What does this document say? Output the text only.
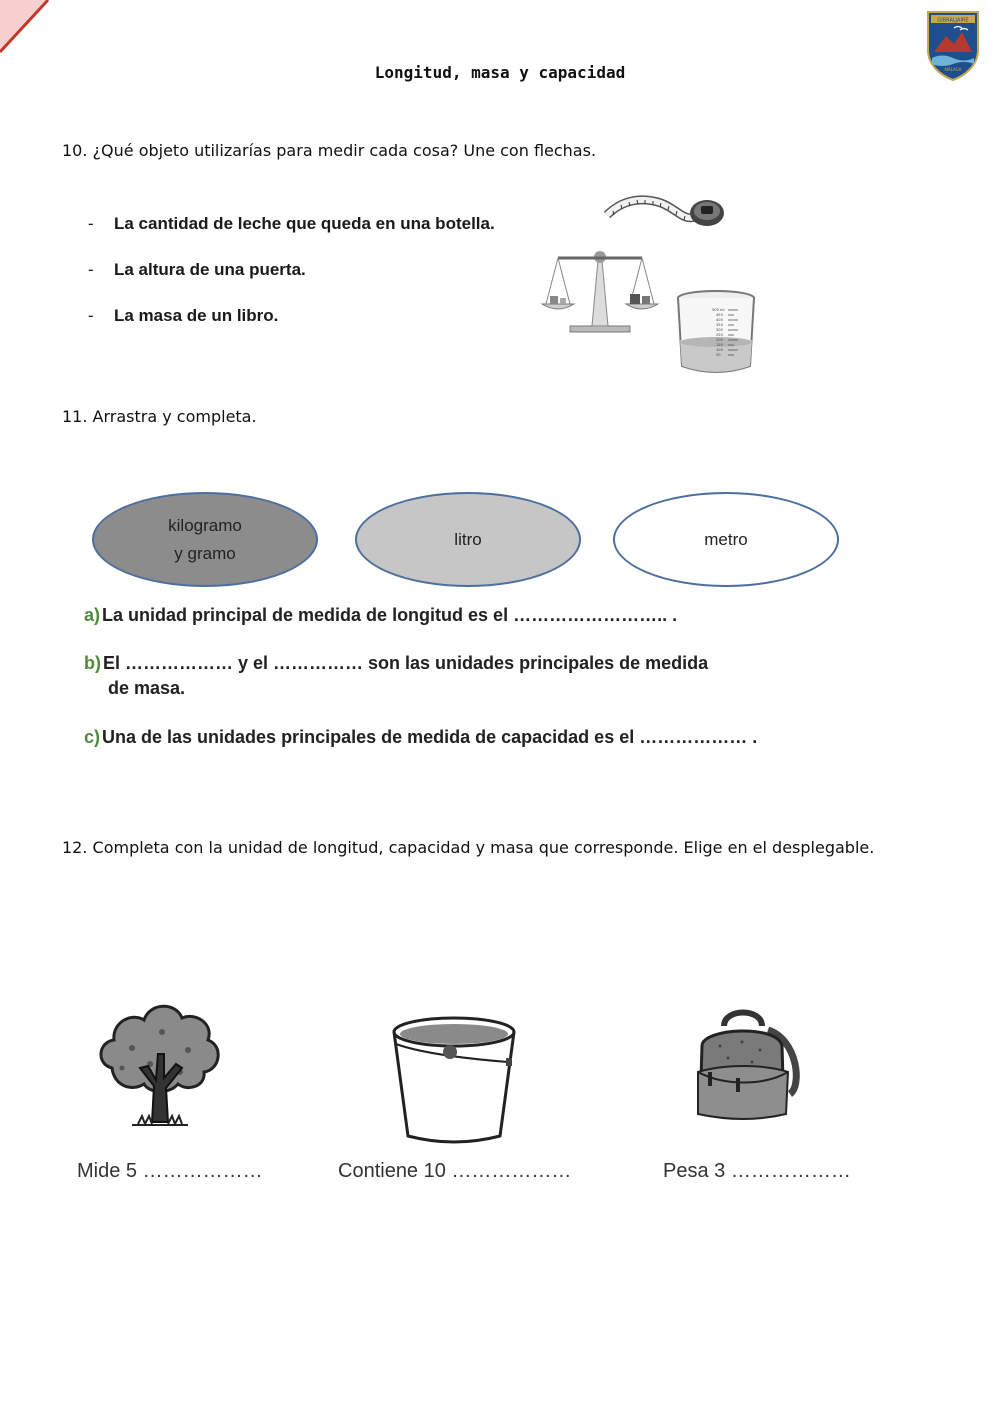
GIBRALJAIRE
MÁLAGA
Longitud, masa y capacidad
10. ¿Qué objeto utilizarías para medir cada cosa? Une con flechas.
- La cantidad de leche que queda en una botella.
- La altura de una puerta.
- La masa de un libro.	500 ml
450
400
350
300
250
200
150
100
50
11. Arrastra y completa.
kilogramo
y gramo
litro	metro
a) La unidad principal de medida de longitud es el …………………….. .
b) El ……………… y el …………… son las unidades principales de medida
de masa.
c) Una de las unidades principales de medida de capacidad es el ……………… .
12. Completa con la unidad de longitud, capacidad y masa que corresponde. Elige en el desplegable.
Mide 5 ………………	Contiene 10 ………………	Pesa 3 ………………
